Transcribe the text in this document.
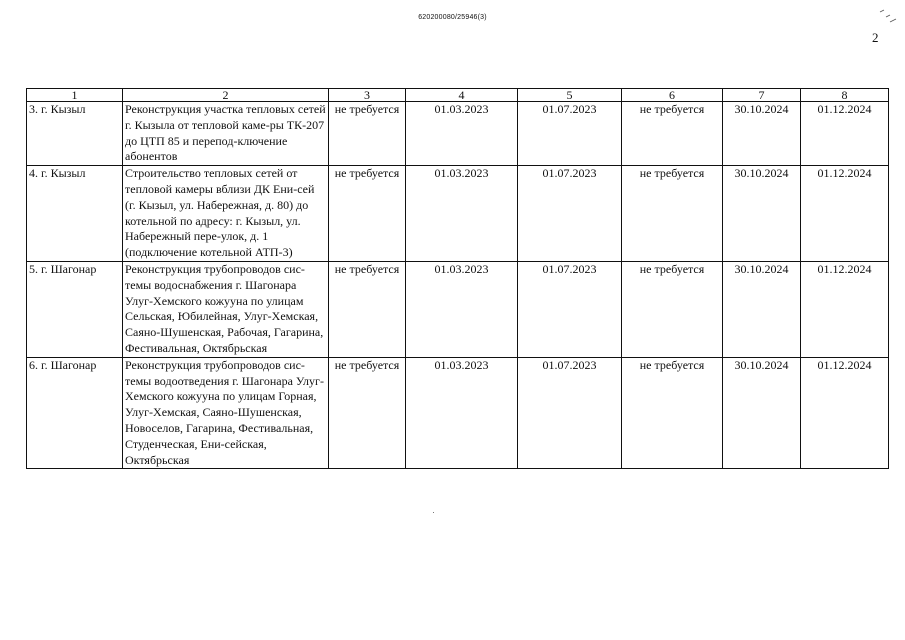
620200080/25946(3)
2
1	2	3	4	5	6	7	8
3. г. Кызыл	Реконструкция участка тепловых сетей г. Кызыла от тепловой каме-ры ТК-207 до ЦТП 85 и перепод-ключение абонентов	не требуется	01.03.2023	01.07.2023	не требуется	30.10.2024	01.12.2024
4. г. Кызыл	Строительство тепловых сетей от тепловой камеры вблизи ДК Ени-сей (г. Кызыл, ул. Набережная, д. 80) до котельной по адресу: г. Кызыл, ул. Набережный пере-улок, д. 1 (подключение котельной АТП-3)	не требуется	01.03.2023	01.07.2023	не требуется	30.10.2024	01.12.2024
5. г. Шагонар	Реконструкция трубопроводов сис-темы водоснабжения г. Шагонара Улуг-Хемского кожууна по улицам Сельская, Юбилейная, Улуг-Хемская, Саяно-Шушенская, Рабочая, Гагарина, Фестивальная, Октябрьская	не требуется	01.03.2023	01.07.2023	не требуется	30.10.2024	01.12.2024
6. г. Шагонар	Реконструкция трубопроводов сис-темы водоотведения г. Шагонара Улуг-Хемского кожууна по улицам Горная, Улуг-Хемская, Саяно-Шушенская, Новоселов, Гагарина, Фестивальная, Студенческая, Ени-сейская, Октябрьская	не требуется	01.03.2023	01.07.2023	не требуется	30.10.2024	01.12.2024
